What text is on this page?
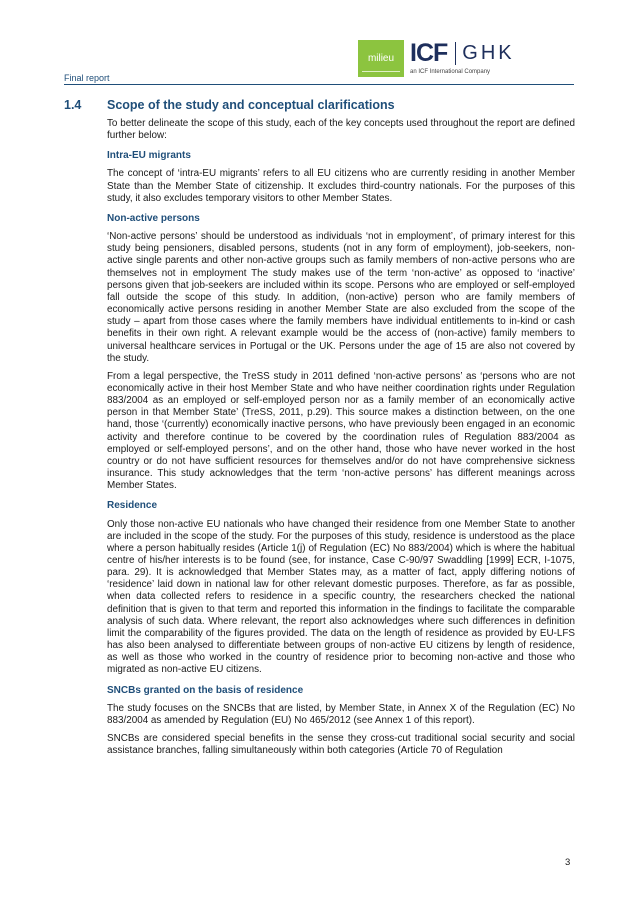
Final report
milieu ICF GHK
an ICF International Company
1.4 Scope of the study and conceptual clarifications

To better delineate the scope of this study, each of the key concepts used throughout the report are defined further below:

Intra-EU migrants

The concept of ‘intra-EU migrants’ refers to all EU citizens who are currently residing in another Member State than the Member State of citizenship. It excludes third-country nationals. For the purposes of this study, it also excludes temporary visitors to other Member States.

Non-active persons

‘Non-active persons’ should be understood as individuals ‘not in employment’, of primary interest for this study being pensioners, disabled persons, students (not in any form of employment), job-seekers, non-active single parents and other non-active groups such as family members of non-active persons who are themselves not in employment The study makes use of the term ‘non-active’ as opposed to ‘inactive’ persons given that job-seekers are included within its scope. Persons who are employed or self-employed fall outside the scope of this study. In addition, (non-active) person who are family members of economically active persons residing in another Member State are also excluded from the scope of the study – apart from those cases where the family members have individual entitlements to in-kind or cash benefits in their own right. A relevant example would be the access of (non-active) family members to universal healthcare services in Portugal or the UK. Persons under the age of 15 are also not covered by the study.

From a legal perspective, the TreSS study in 2011 defined ‘non-active persons’ as ‘persons who are not economically active in their host Member State and who have neither coordination rights under Regulation 883/2004 as an employed or self-employed person nor as a family member of an economically active person in that Member State’ (TreSS, 2011, p.29). This source makes a distinction between, on the one hand, those ‘(currently) economically inactive persons, who have previously been engaged in an economic activity and therefore continue to be covered by the coordination rules of Regulation 883/2004 as employed or self-employed persons’, and on the other hand, those who have never worked in the host country or do not have sufficient resources for themselves and/or do not have comprehensive sickness insurance. This study acknowledges that the term ‘non-active persons’ has different meanings across Member States.

Residence

Only those non-active EU nationals who have changed their residence from one Member State to another are included in the scope of the study. For the purposes of this study, residence is understood as the place where a person habitually resides (Article 1(j) of Regulation (EC) No 883/2004) which is where the habitual centre of his/her interests is to be found (see, for instance, Case C-90/97 Swaddling [1999] ECR, I-1075, para. 29). It is acknowledged that Member States may, as a matter of fact, apply differing notions of ‘residence’ laid down in national law for other relevant domestic purposes. Therefore, as far as possible, when data collected refers to residence in a specific country, the researchers checked the national definition that is given to that term and reported this information in the findings to facilitate the comparable analysis of such data. Where relevant, the report also acknowledges where such differences in definition limit the comparability of the figures provided. The data on the length of residence as provided by EU-LFS has also been analysed to differentiate between groups of non-active EU citizens by length of residence, as well as those who worked in the country of residence prior to becoming non-active and those who migrated as non-active EU citizens.

SNCBs granted on the basis of residence

The study focuses on the SNCBs that are listed, by Member State, in Annex X of the Regulation (EC) No 883/2004 as amended by Regulation (EU) No 465/2012 (see Annex 1 of this report).

SNCBs are considered special benefits in the sense they cross-cut traditional social security and social assistance branches, falling simultaneously within both categories (Article 70 of Regulation

3
